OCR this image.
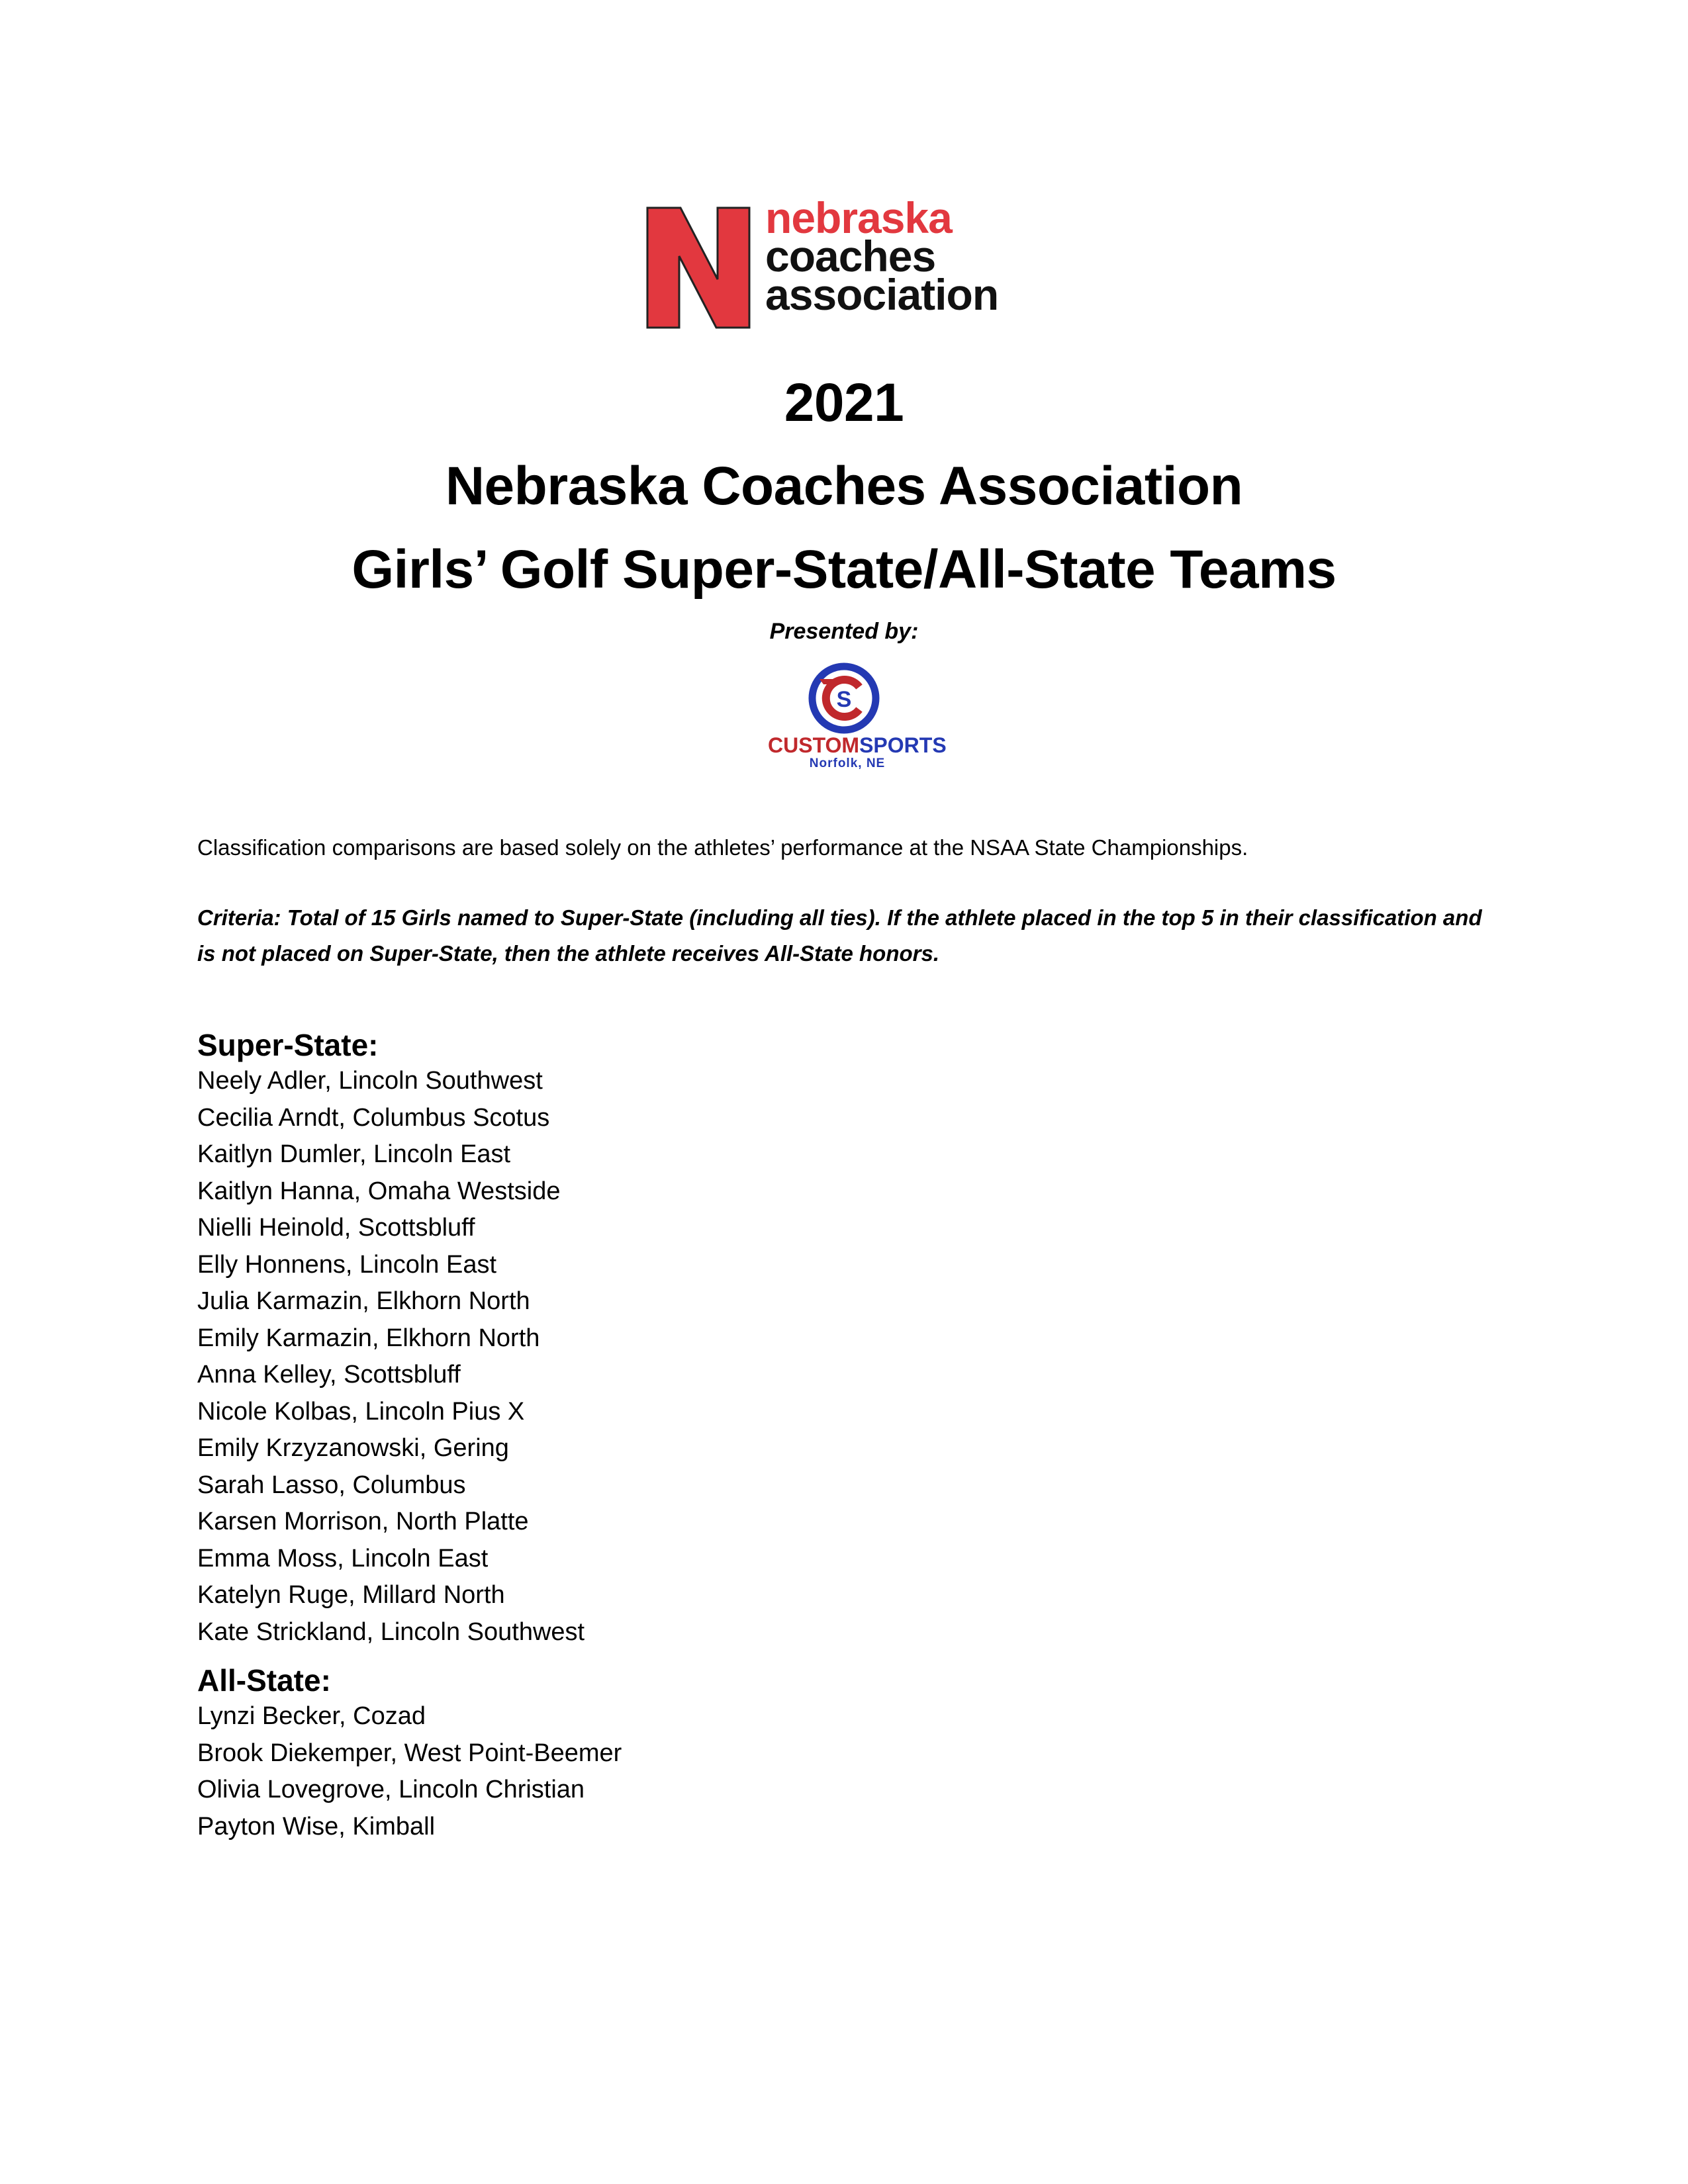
nebraska
coaches
association
2021
Nebraska Coaches Association
Girls’ Golf Super-State/All-State Teams
Presented by:
S
CUSTOMSPORTS
Norfolk, NE
Classification comparisons are based solely on the athletes’ performance at the NSAA State Championships.
Criteria: Total of 15 Girls named to Super-State (including all ties). If the athlete placed in the top 5 in their classification and is not placed on Super-State, then the athlete receives All-State honors.
Super-State:
Neely Adler, Lincoln Southwest
Cecilia Arndt, Columbus Scotus
Kaitlyn Dumler, Lincoln East
Kaitlyn Hanna, Omaha Westside
Nielli Heinold, Scottsbluff
Elly Honnens, Lincoln East
Julia Karmazin, Elkhorn North
Emily Karmazin, Elkhorn North
Anna Kelley, Scottsbluff
Nicole Kolbas, Lincoln Pius X
Emily Krzyzanowski, Gering
Sarah Lasso, Columbus
Karsen Morrison, North Platte
Emma Moss, Lincoln East
Katelyn Ruge, Millard North
Kate Strickland, Lincoln Southwest
All-State:
Lynzi Becker, Cozad
Brook Diekemper, West Point-Beemer
Olivia Lovegrove, Lincoln Christian
Payton Wise, Kimball
